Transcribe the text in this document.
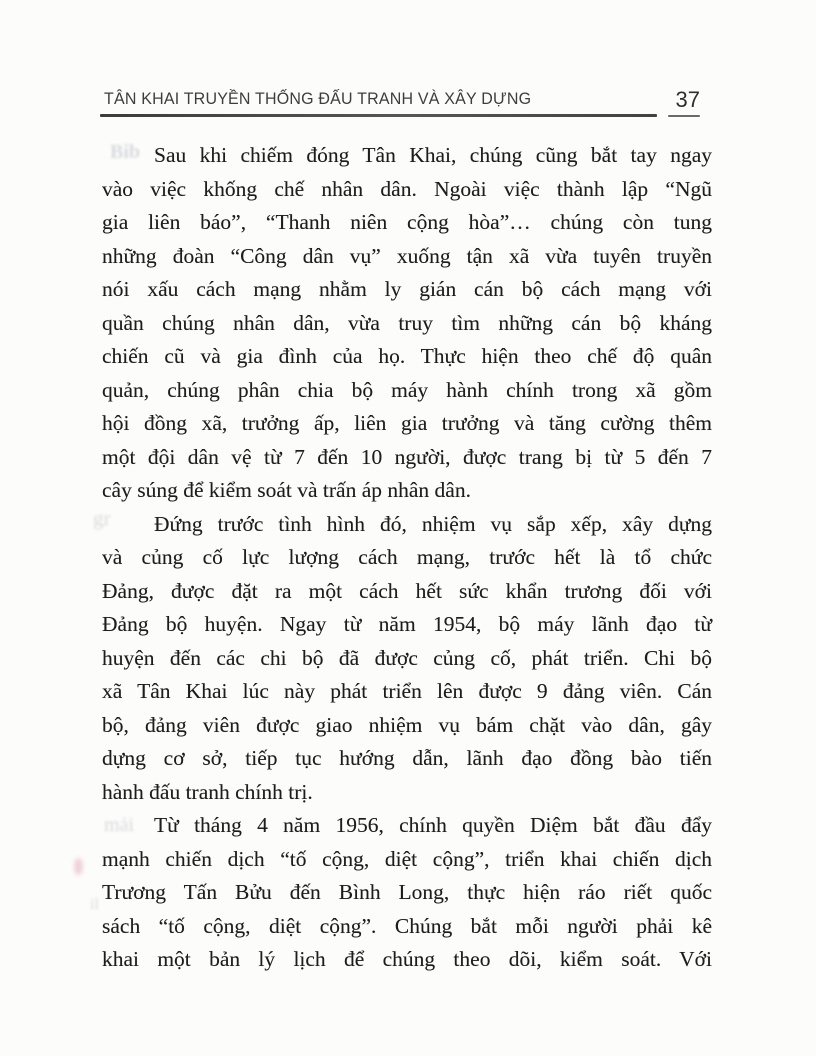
TÂN KHAI TRUYỀN THỐNG ĐẤU TRANH VÀ XÂY DỰNG	37
Bib
gr
mải
il
Sau khi chiếm đóng Tân Khai, chúng cũng bắt tay ngay
vào việc khống chế nhân dân. Ngoài việc thành lập “Ngũ
gia liên báo”, “Thanh niên cộng hòa”… chúng còn tung
những đoàn “Công dân vụ” xuống tận xã vừa tuyên truyền
nói xấu cách mạng nhằm ly gián cán bộ cách mạng với
quần chúng nhân dân, vừa truy tìm những cán bộ kháng
chiến cũ và gia đình của họ. Thực hiện theo chế độ quân
quản, chúng phân chia bộ máy hành chính trong xã gồm
hội đồng xã, trưởng ấp, liên gia trưởng và tăng cường thêm
một đội dân vệ từ 7 đến 10 người, được trang bị từ 5 đến 7
cây súng để kiểm soát và trấn áp nhân dân.
Đứng trước tình hình đó, nhiệm vụ sắp xếp, xây dựng
và củng cố lực lượng cách mạng, trước hết là tổ chức
Đảng, được đặt ra một cách hết sức khẩn trương đối với
Đảng bộ huyện. Ngay từ năm 1954, bộ máy lãnh đạo từ
huyện đến các chi bộ đã được củng cố, phát triển. Chi bộ
xã Tân Khai lúc này phát triển lên được 9 đảng viên. Cán
bộ, đảng viên được giao nhiệm vụ bám chặt vào dân, gây
dựng cơ sở, tiếp tục hướng dẫn, lãnh đạo đồng bào tiến
hành đấu tranh chính trị.
Từ tháng 4 năm 1956, chính quyền Diệm bắt đầu đẩy
mạnh chiến dịch “tố cộng, diệt cộng”, triển khai chiến dịch
Trương Tấn Bửu đến Bình Long, thực hiện ráo riết quốc
sách “tố cộng, diệt cộng”. Chúng bắt mỗi người phải kê
khai một bản lý lịch để chúng theo dõi, kiểm soát. Với
